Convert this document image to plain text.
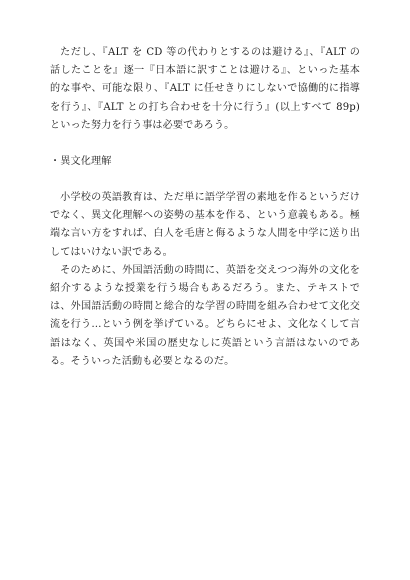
ただし、『ALT を CD 等の代わりとするのは避ける』、『ALT の話したことを』逐一『日本語に訳すことは避ける』、といった基本的な事や、可能な限り、『ALT に任せきりにしないで協働的に指導を行う』、『ALT との打ち合わせを十分に行う』(以上すべて 89p)といった努力を行う事は必要であろう。

・異文化理解

小学校の英語教育は、ただ単に語学学習の素地を作るというだけでなく、異文化理解への姿勢の基本を作る、という意義もある。極端な言い方をすれば、白人を毛唐と侮るような人間を中学に送り出してはいけない訳である。

そのために、外国語活動の時間に、英語を交えつつ海外の文化を紹介するような授業を行う場合もあるだろう。また、テキストでは、外国語活動の時間と総合的な学習の時間を組み合わせて文化交流を行う…という例を挙げている。どちらにせよ、文化なくして言語はなく、英国や米国の歴史なしに英語という言語はないのである。そういった活動も必要となるのだ。
